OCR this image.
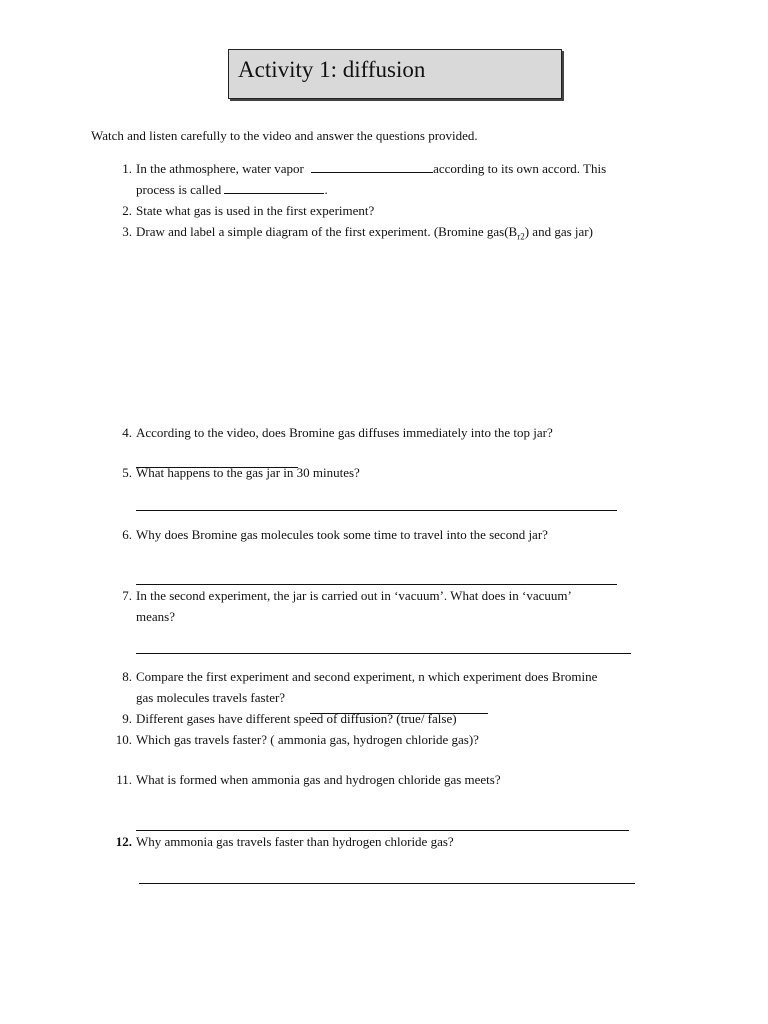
Activity 1: diffusion
Watch and listen carefully to the video and answer the questions provided.
1. In the athmosphere, water vapor	according to its own accord. This
process is called	.
2. State what gas is used in the first experiment?
3. Draw and label a simple diagram of the first experiment. (Bromine $gas(B_{r2})$ and gas jar)
4. According to the video, does Bromine gas diffuses immediately into the top jar?
5. What happens to the gas jar in 30 minutes?
6. Why does Bromine gas molecules took some time to travel into the second jar?
7. In the second experiment, the jar is carried out in ‘vacuum’. What does in ‘vacuum’
means?
8. Compare the first experiment and second experiment, n which experiment does Bromine
gas molecules travels faster?
9. Different gases have different speed of diffusion? (true/ false)
10. Which gas travels faster? ( ammonia gas, hydrogen chloride gas)?
11. What is formed when ammonia gas and hydrogen chloride gas meets?
12. Why ammonia gas travels faster than hydrogen chloride gas?
